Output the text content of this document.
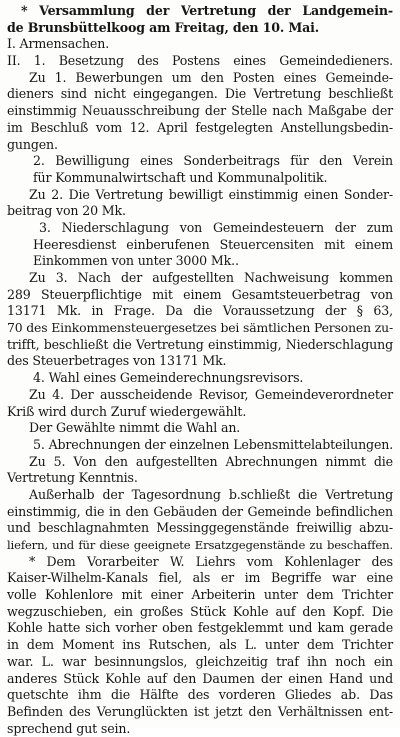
* Versammlung der Vertretung der Landgemein-
de Brunsbüttelkoog am Freitag, den 10. Mai.
I. Armensachen.
II. 1. Besetzung des Postens eines Gemeindedieners.
Zu 1. Bewerbungen um den Posten eines Gemeinde-
dieners sind nicht eingegangen. Die Vertretung beschließt
einstimmig Neuausschreibung der Stelle nach Maßgabe der
im Beschluß vom 12. April festgelegten Anstellungsbedin-
gungen.
2. Bewilligung eines Sonderbeitrags für den Verein
für Kommunalwirtschaft und Kommunalpolitik.
Zu 2. Die Vertretung bewilligt einstimmig einen Sonder-
beitrag von 20 Mk.
3. Niederschlagung von Gemeindesteuern der zum
Heeresdienst einberufenen Steuercensiten mit einem
Einkommen von unter 3000 Mk..
Zu 3. Nach der aufgestellten Nachweisung kommen
289 Steuerpflichtige mit einem Gesamtsteuerbetrag von
13171 Mk. in Frage. Da die Voraussetzung der § 63,
70 des Einkommensteuergesetzes bei sämtlichen Personen zu-
trifft, beschließt die Vertretung einstimmig, Niederschlagung
des Steuerbetrages von 13171 Mk.
4. Wahl eines Gemeinderechnungsrevisors.
Zu 4. Der ausscheidende Revisor, Gemeindeverordneter
Kriß wird durch Zuruf wiedergewählt.
Der Gewählte nimmt die Wahl an.
5. Abrechnungen der einzelnen Lebensmittelabteilungen.
Zu 5. Von den aufgestellten Abrechnungen nimmt die
Vertretung Kenntnis.
Außerhalb der Tagesordnung b.schließt die Vertretung
einstimmig, die in den Gebäuden der Gemeinde befindlichen
und beschlagnahmten Messinggegenstände freiwillig abzu-
liefern, und für diese geeignete Ersatzgegenstände zu beschaffen.
* Dem Vorarbeiter W. Liehrs vom Kohlenlager des
Kaiser-Wilhelm-Kanals fiel, als er im Begriffe war eine
volle Kohlenlore mit einer Arbeiterin unter dem Trichter
wegzuschieben, ein großes Stück Kohle auf den Kopf. Die
Kohle hatte sich vorher oben festgeklemmt und kam gerade
in dem Moment ins Rutschen, als L. unter dem Trichter
war. L. war besinnungslos, gleichzeitig traf ihn noch ein
anderes Stück Kohle auf den Daumen der einen Hand und
quetschte ihm die Hälfte des vorderen Gliedes ab. Das
Befinden des Verunglückten ist jetzt den Verhältnissen ent-
sprechend gut sein.
